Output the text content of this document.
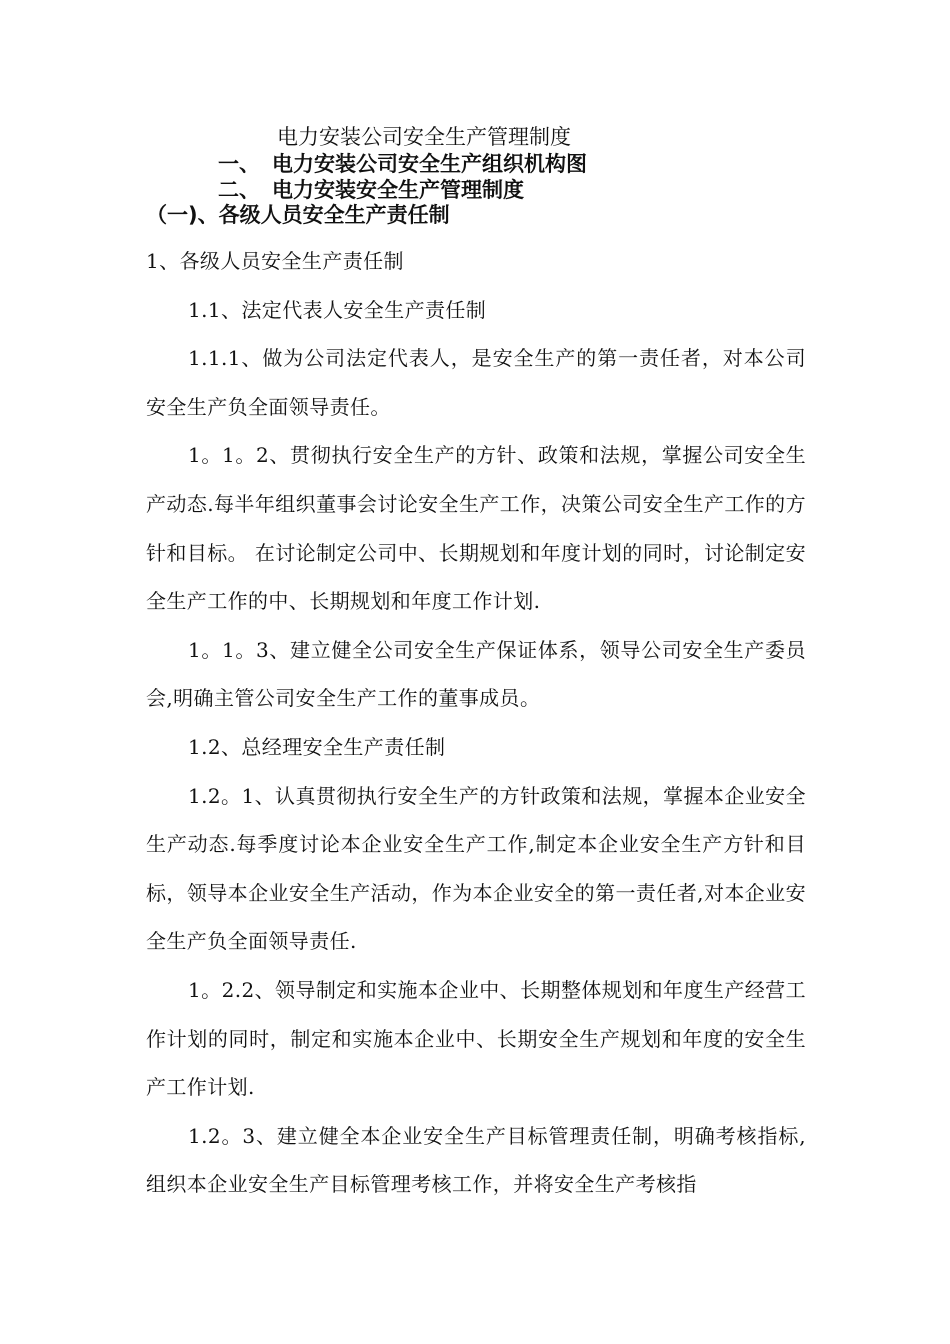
电力安装公司安全生产管理制度
一、 电力安装公司安全生产组织机构图
二、 电力安装安全生产管理制度
（一)、各级人员安全生产责任制

1、各级人员安全生产责任制

1.1、法定代表人安全生产责任制

1.1.1、做为公司法定代表人，是安全生产的第一责任者，对本公司安全生产负全面领导责任。

1。1。2、贯彻执行安全生产的方针、政策和法规，掌握公司安全生产动态.每半年组织董事会讨论安全生产工作，决策公司安全生产工作的方针和目标。 在讨论制定公司中、长期规划和年度计划的同时，讨论制定安全生产工作的中、长期规划和年度工作计划.

1。1。3、建立健全公司安全生产保证体系，领导公司安全生产委员会,明确主管公司安全生产工作的董事成员。

1.2、总经理安全生产责任制

1.2。1、认真贯彻执行安全生产的方针政策和法规，掌握本企业安全生产动态.每季度讨论本企业安全生产工作,制定本企业安全生产方针和目标，领导本企业安全生产活动，作为本企业安全的第一责任者,对本企业安全生产负全面领导责任.

1。2.2、领导制定和实施本企业中、长期整体规划和年度生产经营工作计划的同时，制定和实施本企业中、长期安全生产规划和年度的安全生产工作计划.

1.2。3、建立健全本企业安全生产目标管理责任制，明确考核指标,组织本企业安全生产目标管理考核工作，并将安全生产考核指
